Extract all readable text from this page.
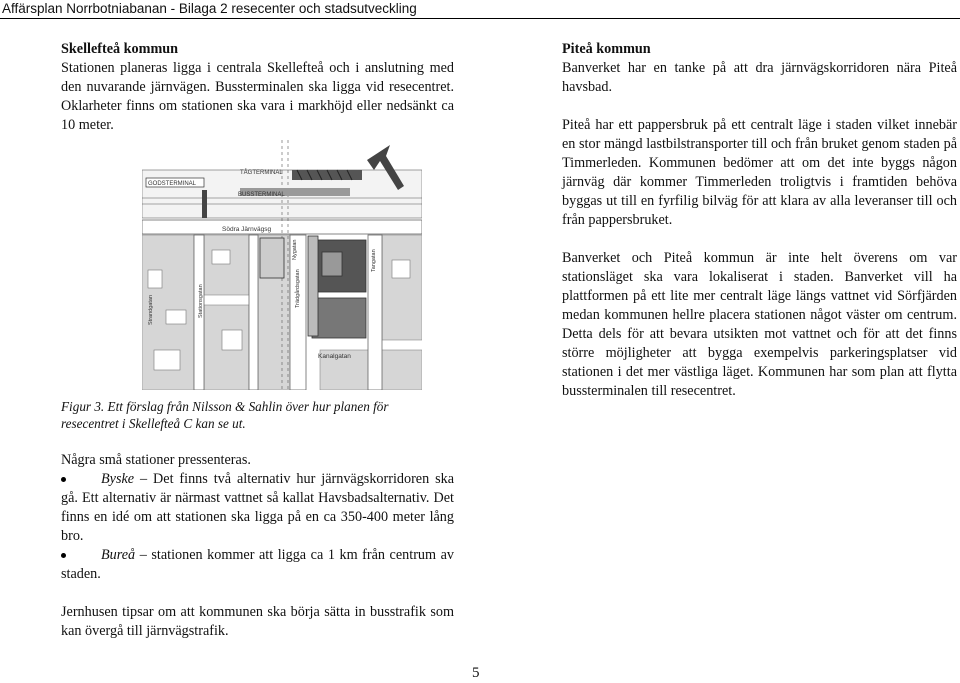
Affärsplan Norrbotniabanan - Bilaga 2 resecenter och stadsutveckling

Skellefteå kommun

Stationen planeras ligga i centrala Skellefteå och i anslutning med den nuvarande järnvägen. Bussterminalen ska ligga vid resecentret. Oklarheter finns om stationen ska vara i markhöjd eller nedsänkt ca 10 meter.

GODSTERMINAL
TÅGTERMINAL
BUSSTERMINAL
Södra Järnvägsg
Kanalgatan
Strandgatan	Stationsgatan	Trädgårdsgatan
Tangatan
Nygatan
Figur 3. Ett förslag från Nilsson & Sahlin över hur planen för resecentret i Skellefteå C kan se ut.

Några små stationer pressenteras.

Byske – Det finns två alternativ hur järnvägskorridoren ska gå. Ett alternativ är närmast vattnet så kallat Havsbadsalternativ. Det finns en idé om att stationen ska ligga på en ca 350-400 meter lång bro.
Bureå – stationen kommer att ligga ca 1 km från centrum av staden.

Jernhusen tipsar om att kommunen ska börja sätta in busstrafik som kan övergå till järnvägstrafik.

Piteå kommun

Banverket har en tanke på att dra järnvägskorridoren nära Piteå havsbad.

Piteå har ett pappersbruk på ett centralt läge i staden vilket innebär en stor mängd lastbilstransporter till och från bruket genom staden på Timmerleden. Kommunen bedömer att om det inte byggs någon järnväg där kommer Timmerleden troligtvis i framtiden behöva byggas ut till en fyrfilig bilväg för att klara av alla leveranser till och från pappersbruket.

Banverket och Piteå kommun är inte helt överens om var stationsläget ska vara lokaliserat i staden. Banverket vill ha plattformen på ett lite mer centralt läge längs vattnet vid Sörfjärden medan kommunen hellre placera stationen något väster om centrum. Detta dels för att bevara utsikten mot vattnet och för att det finns större möjligheter att bygga exempelvis parkeringsplatser vid stationen i det mer västliga läget. Kommunen har som plan att flytta bussterminalen till resecentret.

5
